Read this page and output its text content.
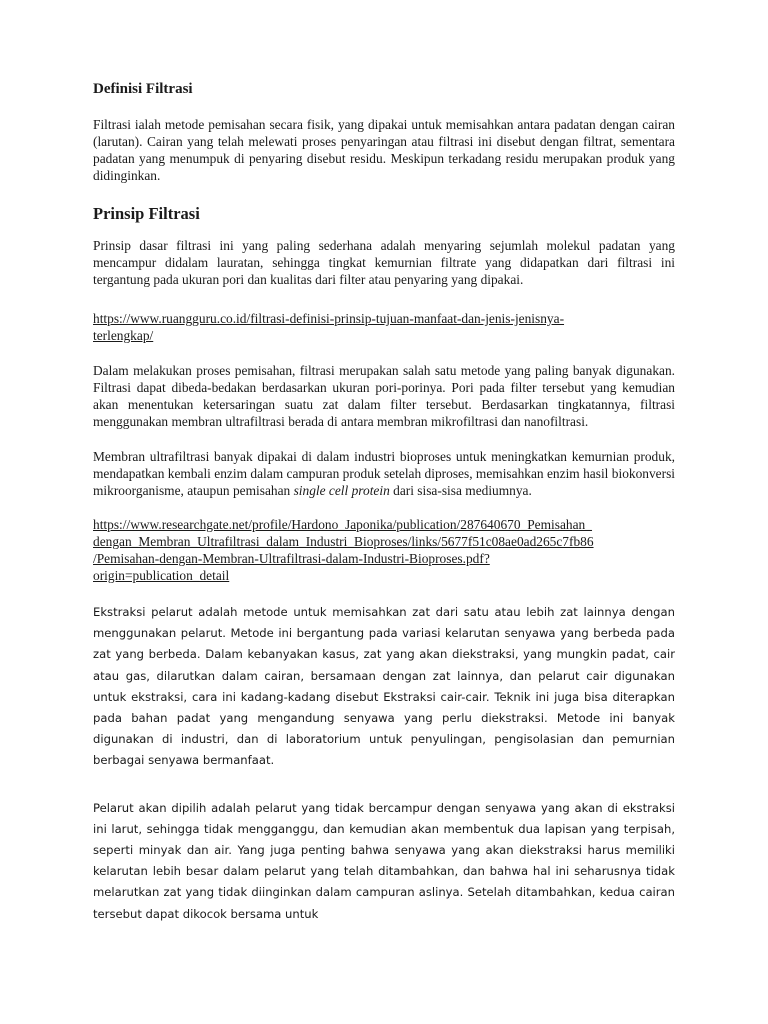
Definisi Filtrasi

Filtrasi ialah metode pemisahan secara fisik, yang dipakai untuk memisahkan antara padatan dengan cairan (larutan). Cairan yang telah melewati proses penyaringan atau filtrasi ini disebut dengan filtrat, sementara padatan yang menumpuk di penyaring disebut residu. Meskipun terkadang residu merupakan produk yang didinginkan.

Prinsip Filtrasi

Prinsip dasar filtrasi ini yang paling sederhana adalah menyaring sejumlah molekul padatan yang mencampur didalam lauratan, sehingga tingkat kemurnian filtrate yang didapatkan dari filtrasi ini tergantung pada ukuran pori dan kualitas dari filter atau penyaring yang dipakai.

https://www.ruangguru.co.id/filtrasi-definisi-prinsip-tujuan-manfaat-dan-jenis-jenisnya-
terlengkap/

Dalam melakukan proses pemisahan, filtrasi merupakan salah satu metode yang paling banyak digunakan. Filtrasi dapat dibeda-bedakan berdasarkan ukuran pori-porinya. Pori pada filter tersebut yang kemudian akan menentukan ketersaringan suatu zat dalam filter tersebut. Berdasarkan tingkatannya, filtrasi menggunakan membran ultrafiltrasi berada di antara membran mikrofiltrasi dan nanofiltrasi.

Membran ultrafiltrasi banyak dipakai di dalam industri bioproses untuk meningkatkan kemurnian produk, mendapatkan kembali enzim dalam campuran produk setelah diproses, memisahkan enzim hasil biokonversi mikroorganisme, ataupun pemisahan single cell protein dari sisa-sisa mediumnya.

https://www.researchgate.net/profile/Hardono_Japonika/publication/287640670_Pemisahan_
dengan_Membran_Ultrafiltrasi_dalam_Industri_Bioproses/links/5677f51c08ae0ad265c7fb86
/Pemisahan-dengan-Membran-Ultrafiltrasi-dalam-Industri-Bioproses.pdf?
origin=publication_detail

Ekstraksi pelarut adalah metode untuk memisahkan zat dari satu atau lebih zat lainnya dengan menggunakan pelarut. Metode ini bergantung pada variasi kelarutan senyawa yang berbeda pada zat yang berbeda. Dalam kebanyakan kasus, zat yang akan diekstraksi, yang mungkin padat, cair atau gas, dilarutkan dalam cairan, bersamaan dengan zat lainnya, dan pelarut cair digunakan untuk ekstraksi, cara ini kadang-kadang disebut Ekstraksi cair-cair. Teknik ini juga bisa diterapkan pada bahan padat yang mengandung senyawa yang perlu diekstraksi. Metode ini banyak digunakan di industri, dan di laboratorium untuk penyulingan, pengisolasian dan pemurnian berbagai senyawa bermanfaat.

Pelarut akan dipilih adalah pelarut yang tidak bercampur dengan senyawa yang akan di ekstraksi ini larut, sehingga tidak mengganggu, dan kemudian akan membentuk dua lapisan yang terpisah, seperti minyak dan air. Yang juga penting bahwa senyawa yang akan diekstraksi harus memiliki kelarutan lebih besar dalam pelarut yang telah ditambahkan, dan bahwa hal ini seharusnya tidak melarutkan zat yang tidak diinginkan dalam campuran aslinya. Setelah ditambahkan, kedua cairan tersebut dapat dikocok bersama untuk
